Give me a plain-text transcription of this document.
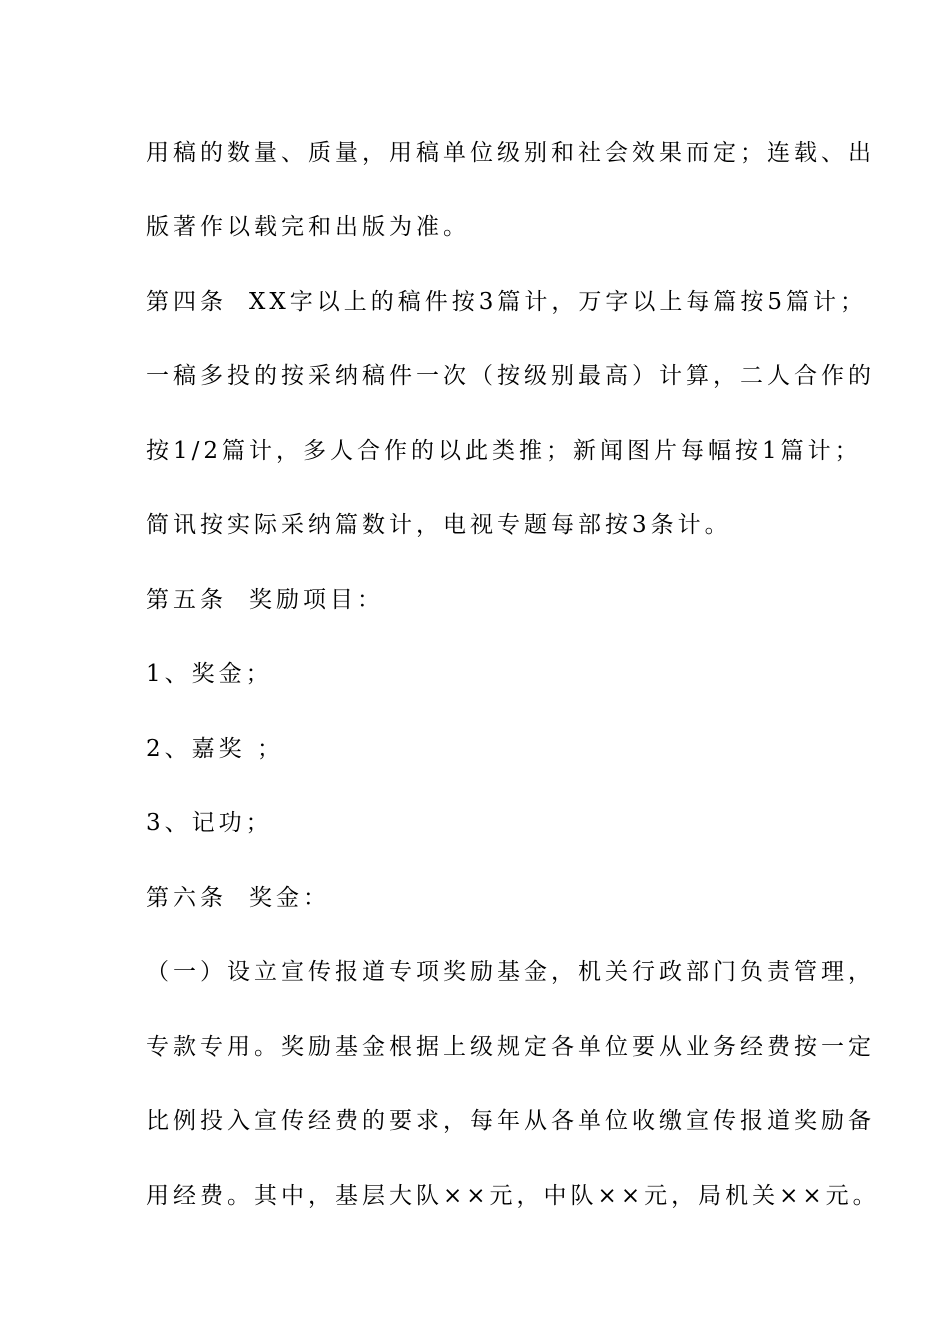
用稿的数量、质量，用稿单位级别和社会效果而定；连载、出
版著作以载完和出版为准。
第四条 XX字以上的稿件按3篇计，万字以上每篇按5篇计；
一稿多投的按采纳稿件一次（按级别最高）计算，二人合作的
按1/2篇计，多人合作的以此类推；新闻图片每幅按1篇计；
简讯按实际采纳篇数计，电视专题每部按3条计。
第五条 奖励项目：
1、奖金；
2、嘉奖 ；
3、记功；
第六条 奖金：
（一）设立宣传报道专项奖励基金，机关行政部门负责管理，
专款专用。奖励基金根据上级规定各单位要从业务经费按一定
比例投入宣传经费的要求，每年从各单位收缴宣传报道奖励备
用经费。其中，基层大队××元，中队××元，局机关××元。
